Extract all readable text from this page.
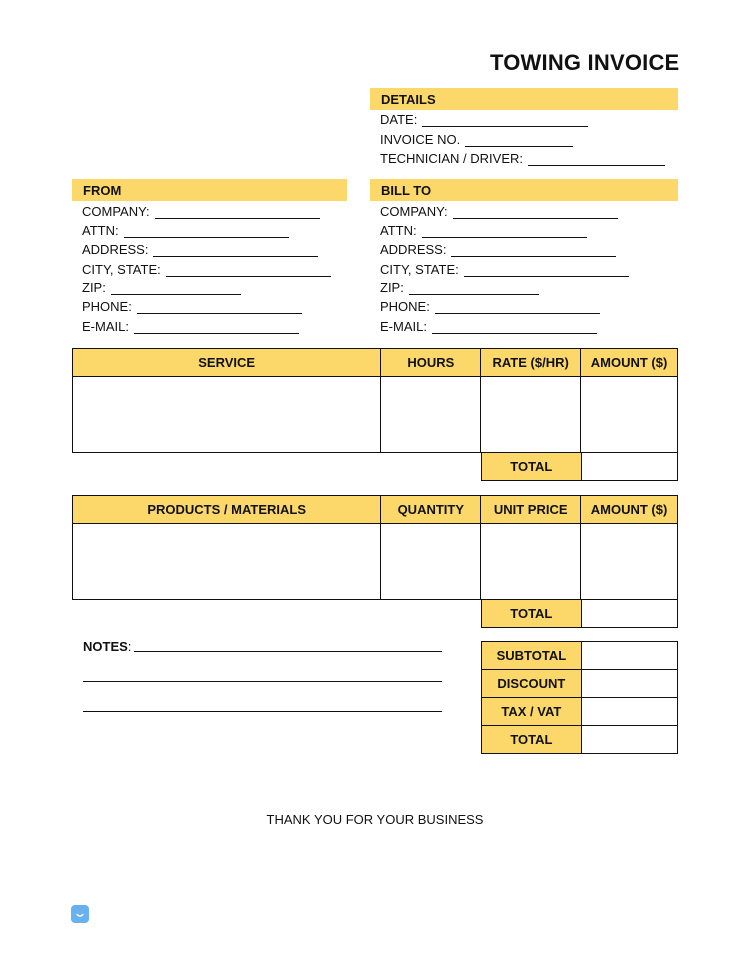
TOWING INVOICE
DETAILS
DATE:
INVOICE NO.
TECHNICIAN / DRIVER:
FROM
COMPANY:
ATTN:
ADDRESS:
CITY, STATE:
ZIP:
PHONE:
E-MAIL:
BILL TO
COMPANY:
ATTN:
ADDRESS:
CITY, STATE:
ZIP:
PHONE:
E-MAIL:
SERVICE	HOURS	RATE ($/HR)	AMOUNT ($)

TOTAL	
PRODUCTS / MATERIALS	QUANTITY	UNIT PRICE	AMOUNT ($)

TOTAL	
NOTES:
SUBTOTAL	
DISCOUNT	
TAX / VAT	
TOTAL	
THANK YOU FOR YOUR BUSINESS
